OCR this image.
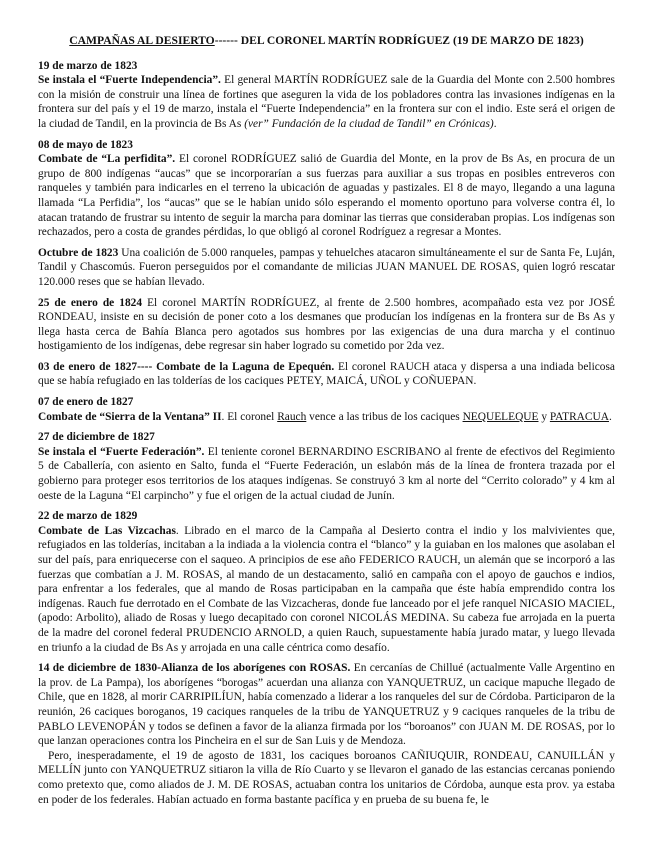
CAMPAÑAS AL DESIERTO------ DEL CORONEL MARTÍN RODRÍGUEZ (19 DE MARZO DE 1823)
19 de marzo de 1823

Se instala el “Fuerte Independencia”. El general MARTÍN RODRÍGUEZ sale de la Guardia del Monte con 2.500 hombres con la misión de construir una línea de fortines que aseguren la vida de los pobladores contra las invasiones indígenas en la frontera sur del país y el 19 de marzo, instala el “Fuerte Independencia” en la frontera sur con el indio. Este será el origen de la ciudad de Tandil, en la provincia de Bs As (ver” Fundación de la ciudad de Tandil” en Crónicas).

08 de mayo de 1823

Combate de “La perfidita”. El coronel RODRÍGUEZ salió de Guardia del Monte, en la prov de Bs As, en procura de un grupo de 800 indígenas “aucas” que se incorporarían a sus fuerzas para auxiliar a sus tropas en posibles entreveros con ranqueles y también para indicarles en el terreno la ubicación de aguadas y pastizales. El 8 de mayo, llegando a una laguna llamada “La Perfidia”, los “aucas” que se le habían unido sólo esperando el momento oportuno para volverse contra él, lo atacan tratando de frustrar su intento de seguir la marcha para dominar las tierras que consideraban propias. Los indígenas son rechazados, pero a costa de grandes pérdidas, lo que obligó al coronel Rodríguez a regresar a Montes.

Octubre de 1823 Una coalición de 5.000 ranqueles, pampas y tehuelches atacaron simultáneamente el sur de Santa Fe, Luján, Tandil y Chascomús. Fueron perseguidos por el comandante de milicias JUAN MANUEL DE ROSAS, quien logró rescatar 120.000 reses que se habían llevado.

25 de enero de 1824 El coronel MARTÍN RODRÍGUEZ, al frente de 2.500 hombres, acompañado esta vez por JOSÉ RONDEAU, insiste en su decisión de poner coto a los desmanes que producían los indígenas en la frontera sur de Bs As y llega hasta cerca de Bahía Blanca pero agotados sus hombres por las exigencias de una dura marcha y el continuo hostigamiento de los indígenas, debe regresar sin haber logrado su cometido por 2da vez.

03 de enero de 1827---- Combate de la Laguna de Epequén. El coronel RAUCH ataca y dispersa a una indiada belicosa que se había refugiado en las tolderías de los caciques PETEY, MAICÁ, UÑOL y COÑUEPAN.

07 de enero de 1827

Combate de “Sierra de la Ventana” II. El coronel Rauch vence a las tribus de los caciques NEQUELEQUE y PATRACUA.

27 de diciembre de 1827

Se instala el “Fuerte Federación”. El teniente coronel BERNARDINO ESCRIBANO al frente de efectivos del Regimiento 5 de Caballería, con asiento en Salto, funda el “Fuerte Federación, un eslabón más de la línea de frontera trazada por el gobierno para proteger esos territorios de los ataques indígenas. Se construyó 3 km al norte del “Cerrito colorado” y 4 km al oeste de la Laguna “El carpincho” y fue el origen de la actual ciudad de Junín.

22 de marzo de 1829

Combate de Las Vizcachas. Librado en el marco de la Campaña al Desierto contra el indio y los malvivientes que, refugiados en las tolderías, incitaban a la indiada a la violencia contra el “blanco” y la guiaban en los malones que asolaban el sur del país, para enriquecerse con el saqueo. A principios de ese año FEDERICO RAUCH, un alemán que se incorporó a las fuerzas que combatían a J. M. ROSAS, al mando de un destacamento, salió en campaña con el apoyo de gauchos e indios, para enfrentar a los federales, que al mando de Rosas participaban en la campaña que éste había emprendido contra los indígenas. Rauch fue derrotado en el Combate de las Vizcacheras, donde fue lanceado por el jefe ranquel NICASIO MACIEL, (apodo: Arbolito), aliado de Rosas y luego decapitado con coronel NICOLÁS MEDINA. Su cabeza fue arrojada en la puerta de la madre del coronel federal PRUDENCIO ARNOLD, a quien Rauch, supuestamente había jurado matar, y luego llevada en triunfo a la ciudad de Bs As y arrojada en una calle céntrica como desafío.

14 de diciembre de 1830-Alianza de los aborígenes con ROSAS. En cercanías de Chillué (actualmente Valle Argentino en la prov. de La Pampa), los aborígenes “borogas” acuerdan una alianza con YANQUETRUZ, un cacique mapuche llegado de Chile, que en 1828, al morir CARRIPILÍUN, había comenzado a liderar a los ranqueles del sur de Córdoba. Participaron de la reunión, 26 caciques boroganos, 19 caciques ranqueles de la tribu de YANQUETRUZ y 9 caciques ranqueles de la tribu de PABLO LEVENOPÁN y todos se definen a favor de la alianza firmada por los “boroanos” con JUAN M. DE ROSAS, por lo que lanzan operaciones contra los Pincheira en el sur de San Luis y de Mendoza.

Pero, inesperadamente, el 19 de agosto de 1831, los caciques boroanos CAÑIUQUIR, RONDEAU, CANUILLÁN y MELLÍN junto con YANQUETRUZ sitiaron la villa de Río Cuarto y se llevaron el ganado de las estancias cercanas poniendo como pretexto que, como aliados de J. M. DE ROSAS, actuaban contra los unitarios de Córdoba, aunque esta prov. ya estaba en poder de los federales. Habían actuado en forma bastante pacífica y en prueba de su buena fe, le
